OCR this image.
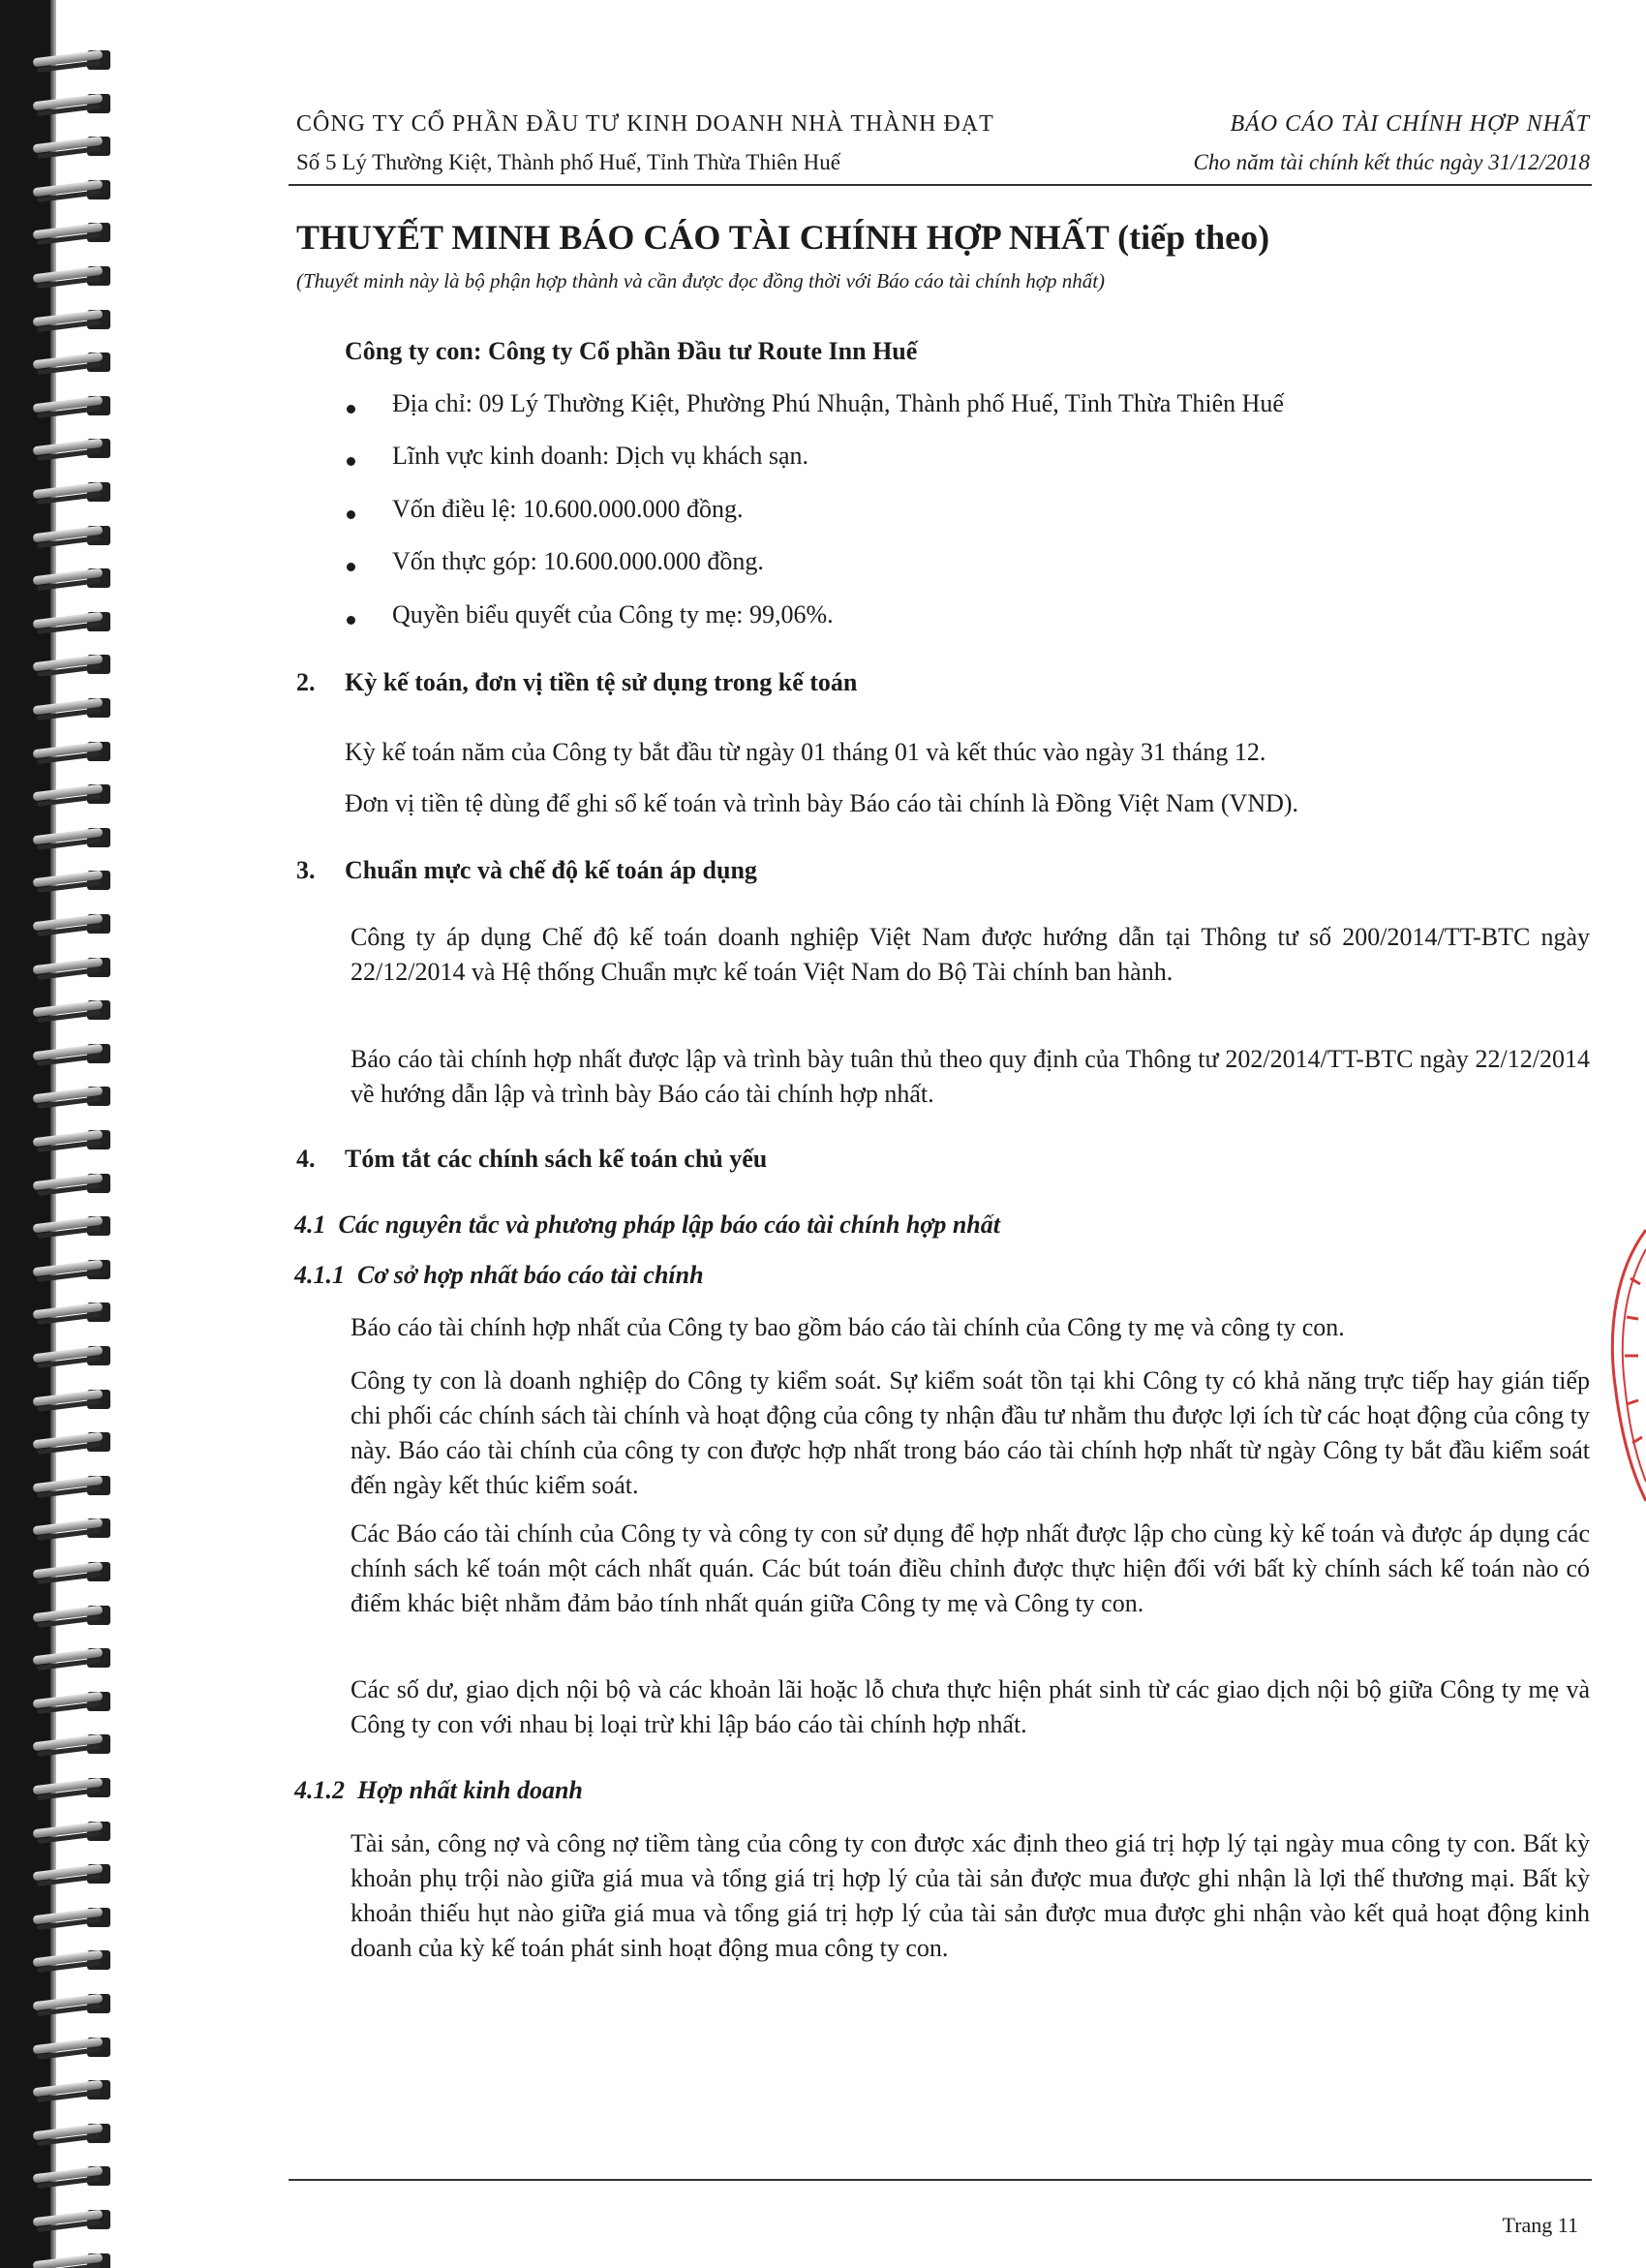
CÔNG TY CỔ PHẦN ĐẦU TƯ KINH DOANH NHÀ THÀNH ĐẠT
Số 5 Lý Thường Kiệt, Thành phố Huế, Tỉnh Thừa Thiên Huế
BÁO CÁO TÀI CHÍNH HỢP NHẤT
Cho năm tài chính kết thúc ngày 31/12/2018
THUYẾT MINH BÁO CÁO TÀI CHÍNH HỢP NHẤT (tiếp theo)
(Thuyết minh này là bộ phận hợp thành và cần được đọc đồng thời với Báo cáo tài chính hợp nhất)
Công ty con: Công ty Cổ phần Đầu tư Route Inn Huế
Địa chỉ: 09 Lý Thường Kiệt, Phường Phú Nhuận, Thành phố Huế, Tỉnh Thừa Thiên Huế
Lĩnh vực kinh doanh: Dịch vụ khách sạn.
Vốn điều lệ: 10.600.000.000 đồng.
Vốn thực góp: 10.600.000.000 đồng.
Quyền biểu quyết của Công ty mẹ: 99,06%.
2. Kỳ kế toán, đơn vị tiền tệ sử dụng trong kế toán
Kỳ kế toán năm của Công ty bắt đầu từ ngày 01 tháng 01 và kết thúc vào ngày 31 tháng 12.
Đơn vị tiền tệ dùng để ghi sổ kế toán và trình bày Báo cáo tài chính là Đồng Việt Nam (VND).
3. Chuẩn mực và chế độ kế toán áp dụng
Công ty áp dụng Chế độ kế toán doanh nghiệp Việt Nam được hướng dẫn tại Thông tư số 200/2014/TT-BTC ngày 22/12/2014 và Hệ thống Chuẩn mực kế toán Việt Nam do Bộ Tài chính ban hành.
Báo cáo tài chính hợp nhất được lập và trình bày tuân thủ theo quy định của Thông tư 202/2014/TT-BTC ngày 22/12/2014 về hướng dẫn lập và trình bày Báo cáo tài chính hợp nhất.
4. Tóm tắt các chính sách kế toán chủ yếu
4.1  Các nguyên tắc và phương pháp lập báo cáo tài chính hợp nhất
4.1.1  Cơ sở hợp nhất báo cáo tài chính
Báo cáo tài chính hợp nhất của Công ty bao gồm báo cáo tài chính của Công ty mẹ và công ty con.
Công ty con là doanh nghiệp do Công ty kiểm soát. Sự kiểm soát tồn tại khi Công ty có khả năng trực tiếp hay gián tiếp chi phối các chính sách tài chính và hoạt động của công ty nhận đầu tư nhằm thu được lợi ích từ các hoạt động của công ty này. Báo cáo tài chính của công ty con được hợp nhất trong báo cáo tài chính hợp nhất từ ngày Công ty bắt đầu kiểm soát đến ngày kết thúc kiểm soát.
Các Báo cáo tài chính của Công ty và công ty con sử dụng để hợp nhất được lập cho cùng kỳ kế toán và được áp dụng các chính sách kế toán một cách nhất quán. Các bút toán điều chỉnh được thực hiện đối với bất kỳ chính sách kế toán nào có điểm khác biệt nhằm đảm bảo tính nhất quán giữa Công ty mẹ và Công ty con.
Các số dư, giao dịch nội bộ và các khoản lãi hoặc lỗ chưa thực hiện phát sinh từ các giao dịch nội bộ giữa Công ty mẹ và Công ty con với nhau bị loại trừ khi lập báo cáo tài chính hợp nhất.
4.1.2  Hợp nhất kinh doanh
Tài sản, công nợ và công nợ tiềm tàng của công ty con được xác định theo giá trị hợp lý tại ngày mua công ty con. Bất kỳ khoản phụ trội nào giữa giá mua và tổng giá trị hợp lý của tài sản được mua được ghi nhận là lợi thế thương mại. Bất kỳ khoản thiếu hụt nào giữa giá mua và tổng giá trị hợp lý của tài sản được mua được ghi nhận vào kết quả hoạt động kinh doanh của kỳ kế toán phát sinh hoạt động mua công ty con.
Trang 11
